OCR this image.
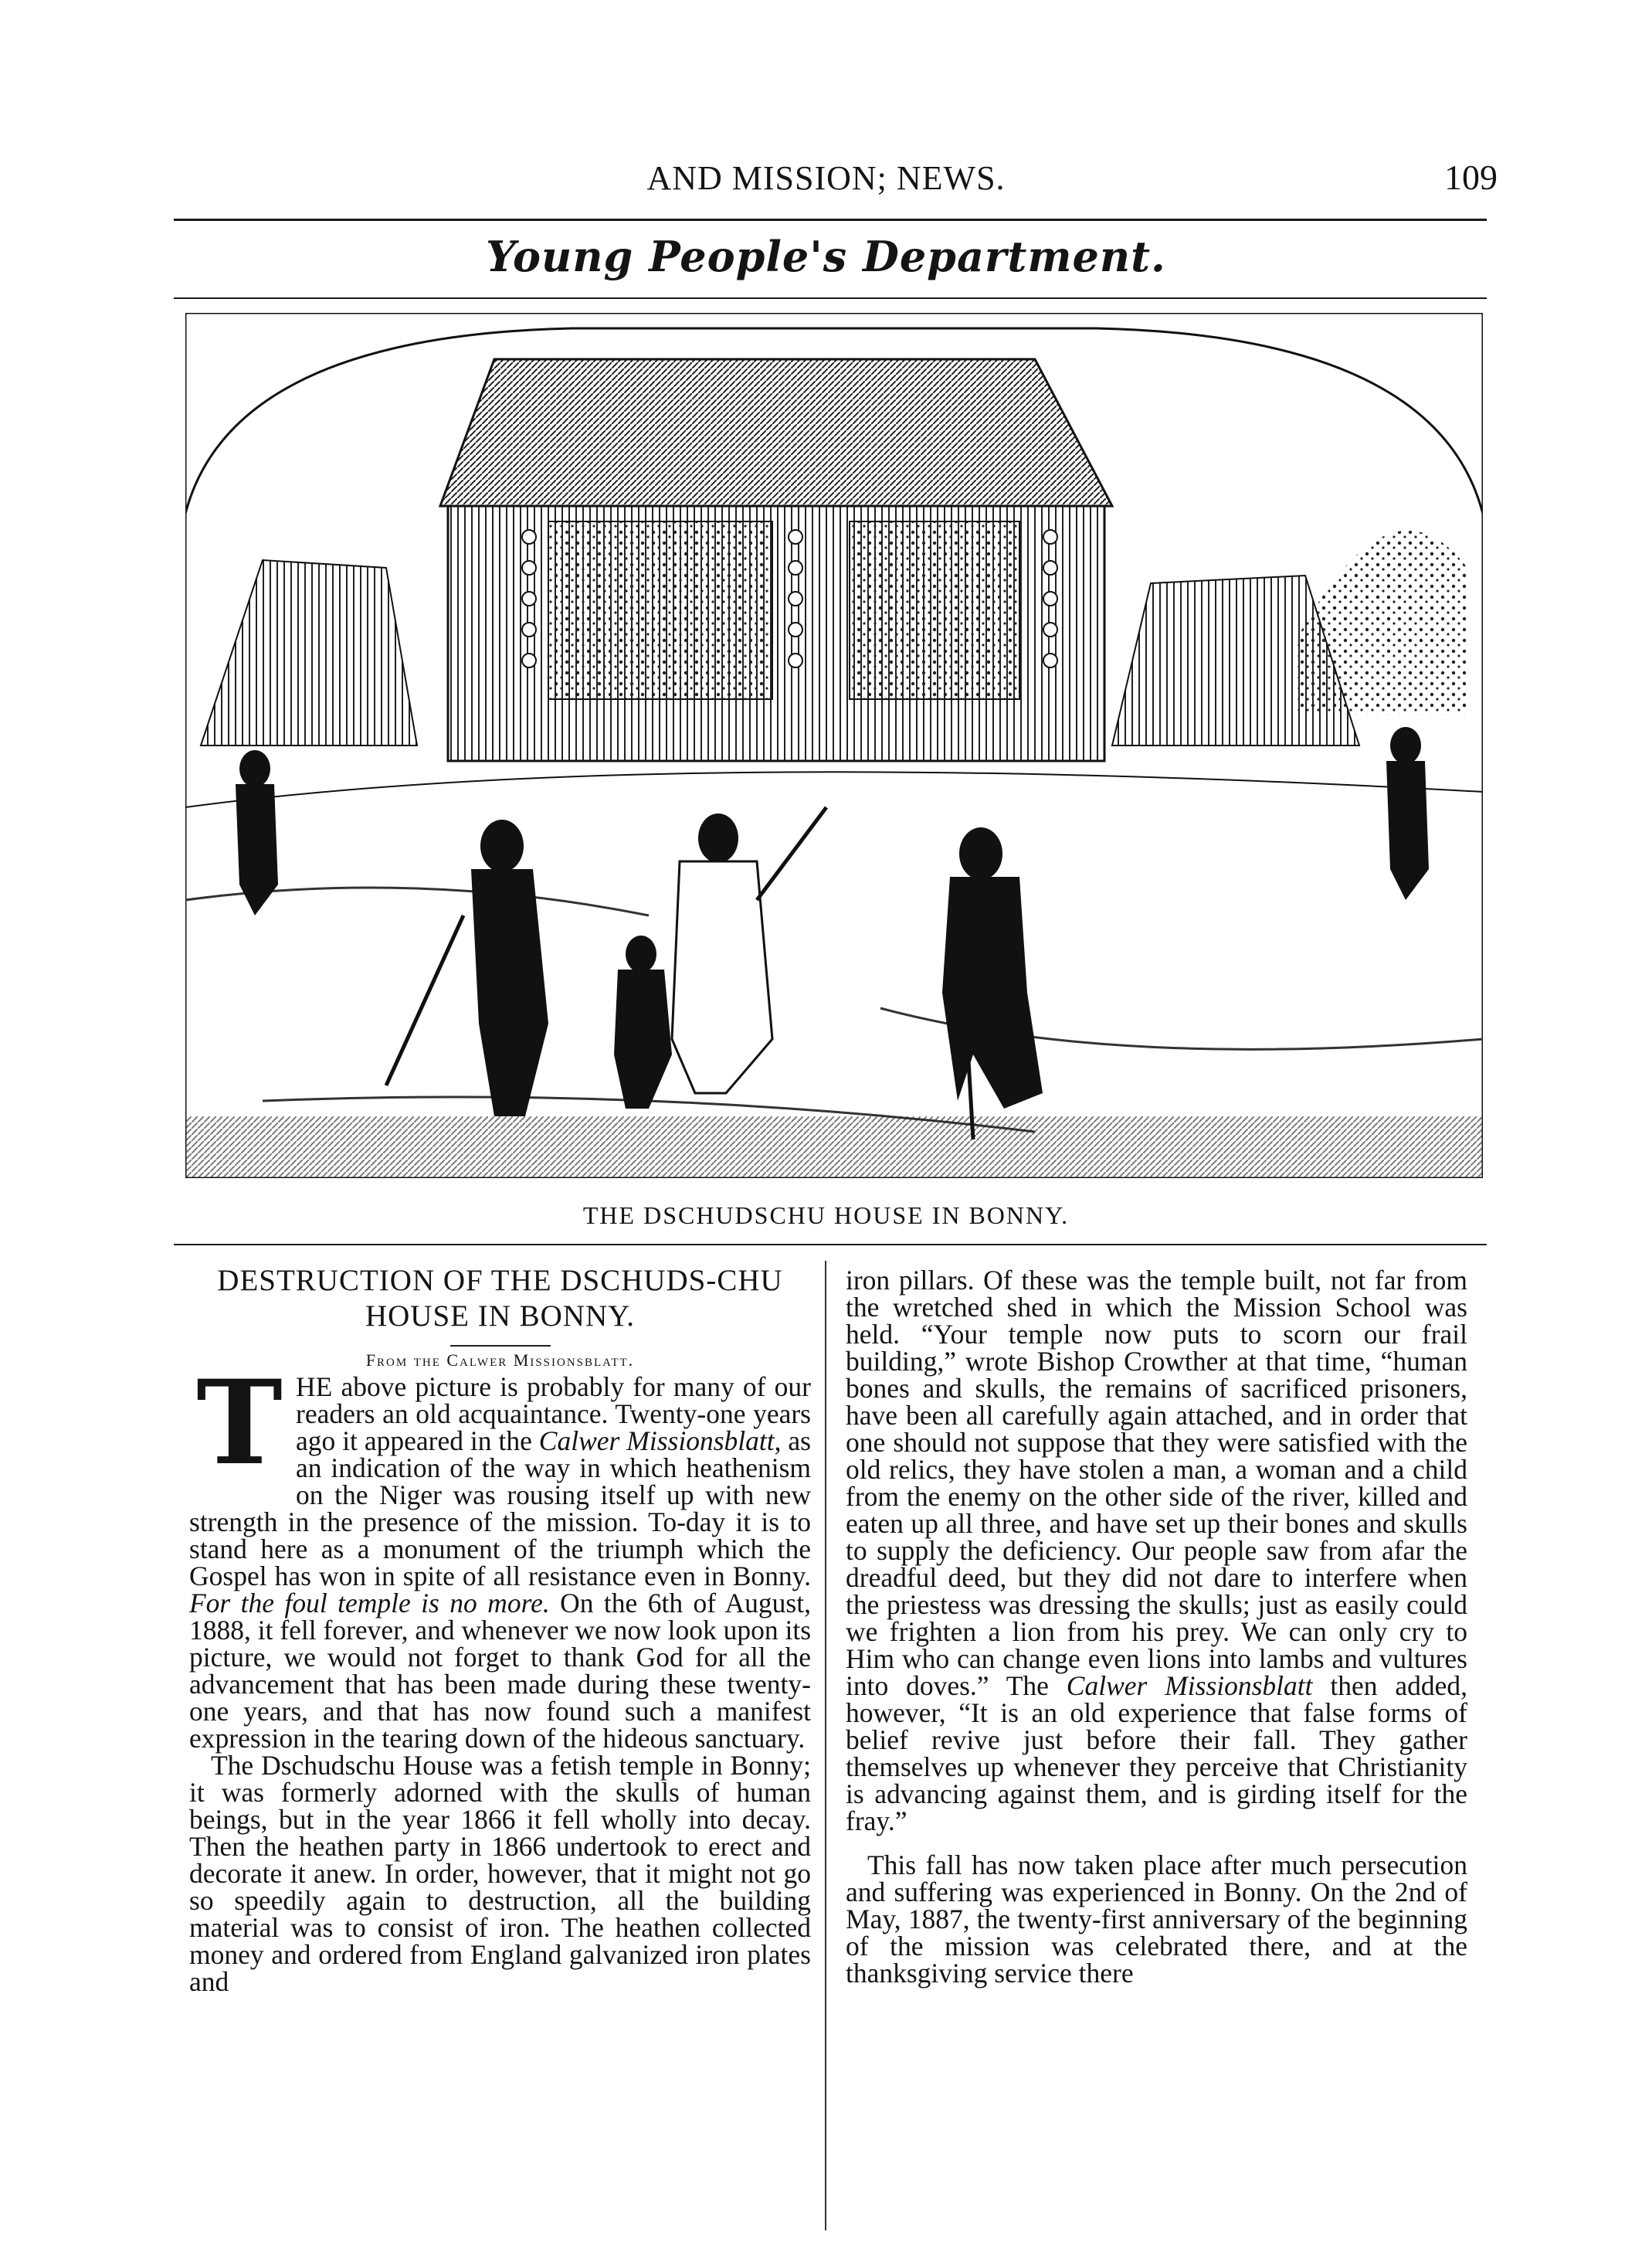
AND MISSION; NEWS.	109
Young People's Department.
THE DSCHUDSCHU HOUSE IN BONNY.

DESTRUCTION OF THE DSCHUDS-CHU HOUSE IN BONNY.

From the Calwer Missionsblatt.

THE above picture is probably for many of our readers an old acquaintance. Twenty-one years ago it appeared in the Calwer Missionsblatt, as an indication of the way in which heathenism on the Niger was rousing itself up with new strength in the presence of the mission. To-day it is to stand here as a monument of the triumph which the Gospel has won in spite of all resistance even in Bonny. For the foul temple is no more. On the 6th of August, 1888, it fell forever, and whenever we now look upon its picture, we would not forget to thank God for all the advancement that has been made during these twenty-one years, and that has now found such a manifest expression in the tearing down of the hideous sanctuary.

The Dschudschu House was a fetish temple in Bonny; it was formerly adorned with the skulls of human beings, but in the year 1866 it fell wholly into decay. Then the heathen party in 1866 undertook to erect and decorate it anew. In order, however, that it might not go so speedily again to destruction, all the building material was to consist of iron. The heathen collected money and ordered from England galvanized iron plates and

iron pillars. Of these was the temple built, not far from the wretched shed in which the Mission School was held. “Your temple now puts to scorn our frail building,” wrote Bishop Crowther at that time, “human bones and skulls, the remains of sacrificed prisoners, have been all carefully again attached, and in order that one should not suppose that they were satisfied with the old relics, they have stolen a man, a woman and a child from the enemy on the other side of the river, killed and eaten up all three, and have set up their bones and skulls to supply the deficiency. Our people saw from afar the dreadful deed, but they did not dare to interfere when the priestess was dressing the skulls; just as easily could we frighten a lion from his prey. We can only cry to Him who can change even lions into lambs and vultures into doves.” The Calwer Missionsblatt then added, however, “It is an old experience that false forms of belief revive just before their fall. They gather themselves up whenever they perceive that Christianity is advancing against them, and is girding itself for the fray.”

This fall has now taken place after much persecution and suffering was experienced in Bonny. On the 2nd of May, 1887, the twenty-first anniversary of the beginning of the mission was celebrated there, and at the thanksgiving service there
